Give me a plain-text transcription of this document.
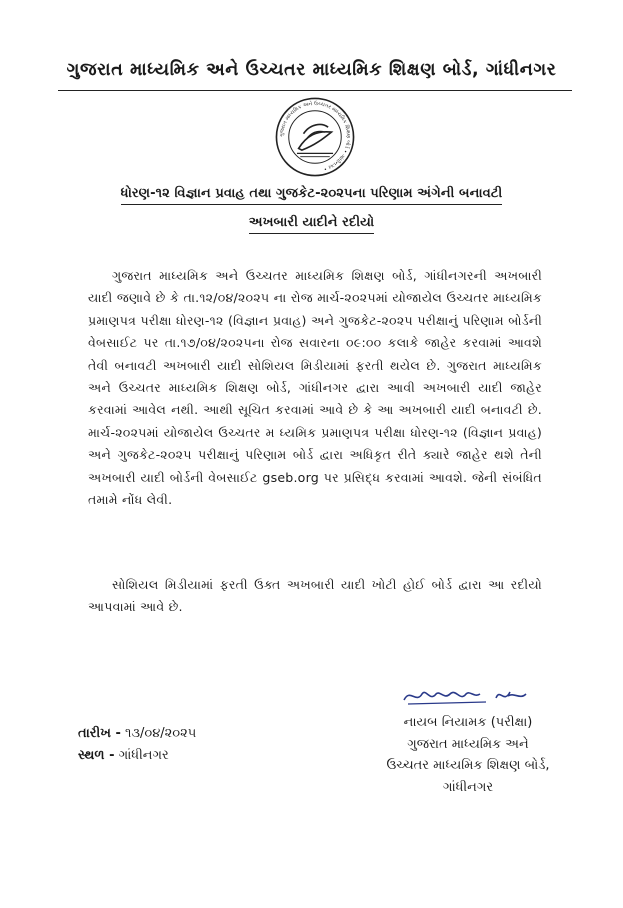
ગુજરાત માધ્યમિક અને ઉચ્ચતર માધ્યમિક શિક્ષણ બોર્ડ, ગાંધીનગર
ગુજરાત માધ્યમિક અને ઉચ્ચતર માધ્યમિક શિક્ષણ બોર્ડ • ગાંધીનગર •
ધોરણ-૧૨ વિજ્ઞાન પ્રવાહ તથા ગુજકેટ-૨૦૨૫ના પરિણામ અંગેની બનાવટી
અખબારી યાદીને રદીયો

ગુજરાત માધ્યમિક અને ઉચ્ચતર માધ્યમિક શિક્ષણ બોર્ડ, ગાંધીનગરની અખબારી યાદી જણાવે છે કે તા.૧૨/૦૪/૨૦૨૫ ના રોજ માર્ચ-૨૦૨૫માં યોજાયેલ ઉચ્ચતર માધ્યમિક પ્રમાણપત્ર પરીક્ષા ધોરણ-૧૨ (વિજ્ઞાન પ્રવાહ) અને ગુજકેટ-૨૦૨૫ પરીક્ષાનું પરિણામ બોર્ડની વેબસાઈટ પર તા.૧૭/૦૪/૨૦૨૫ના રોજ સવારના ૦૯:૦૦ કલાકે જાહેર કરવામાં આવશે તેવી બનાવટી અખબારી યાદી સોશિયલ મિડીયામાં ફરતી થયેલ છે. ગુજરાત માધ્યમિક અને ઉચ્ચતર માધ્યમિક શિક્ષણ બોર્ડ, ગાંધીનગર દ્વારા આવી અખબારી યાદી જાહેર કરવામાં આવેલ નથી. આથી સૂચિત કરવામાં આવે છે કે આ અખબારી યાદી બનાવટી છે. માર્ચ-૨૦૨૫માં યોજાયેલ ઉચ્ચતર મ ધ્યમિક પ્રમાણપત્ર પરીક્ષા ધોરણ-૧૨ (વિજ્ઞાન પ્રવાહ) અને ગુજકેટ-૨૦૨૫ પરીક્ષાનું પરિણામ બોર્ડ દ્વારા અધિકૃત રીતે ક્યારે જાહેર થશે તેની અખબારી યાદી બોર્ડની વેબસાઈટ gseb.org પર પ્રસિદ્ધ કરવામાં આવશે. જેની સંબંધિત તમામે નોંધ લેવી.

સોશિયલ મિડીયામાં ફરતી ઉક્ત અખબારી યાદી ખોટી હોઈ બોર્ડ દ્વારા આ રદીયો આપવામાં આવે છે.

તારીખ - ૧૩/૦૪/૨૦૨૫
સ્થળ - ગાંધીનગર
નાયબ નિયામક (પરીક્ષા)
ગુજરાત માધ્યમિક અને
ઉચ્ચતર માધ્યમિક શિક્ષણ બોર્ડ,
ગાંધીનગર
